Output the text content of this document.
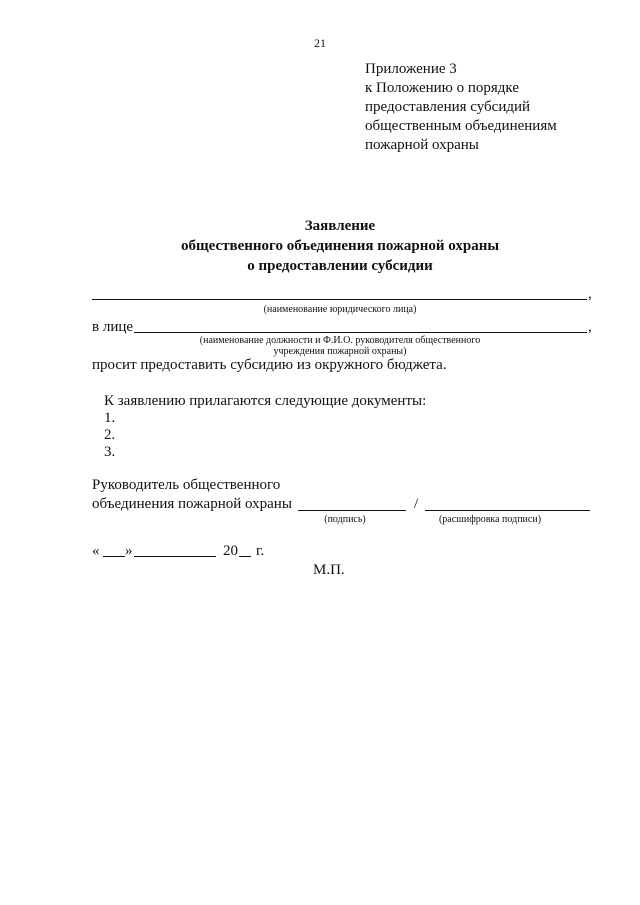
21
Приложение 3
к Положению о порядке
предоставления субсидий
общественным объединениям
пожарной охраны
Заявление
общественного объединения пожарной охраны
о предоставлении субсидии
,
(наименование юридического лица)
в лице	,
(наименование должности и Ф.И.О. руководителя общественного
учреждения пожарной охраны)
просит предоставить субсидию из окружного бюджета.
К заявлению прилагаются следующие документы:
1.
2.
3.
Руководитель общественного
объединения пожарной охраны	/
(подпись)	(расшифровка подписи)
« »	20 г.
М.П.
